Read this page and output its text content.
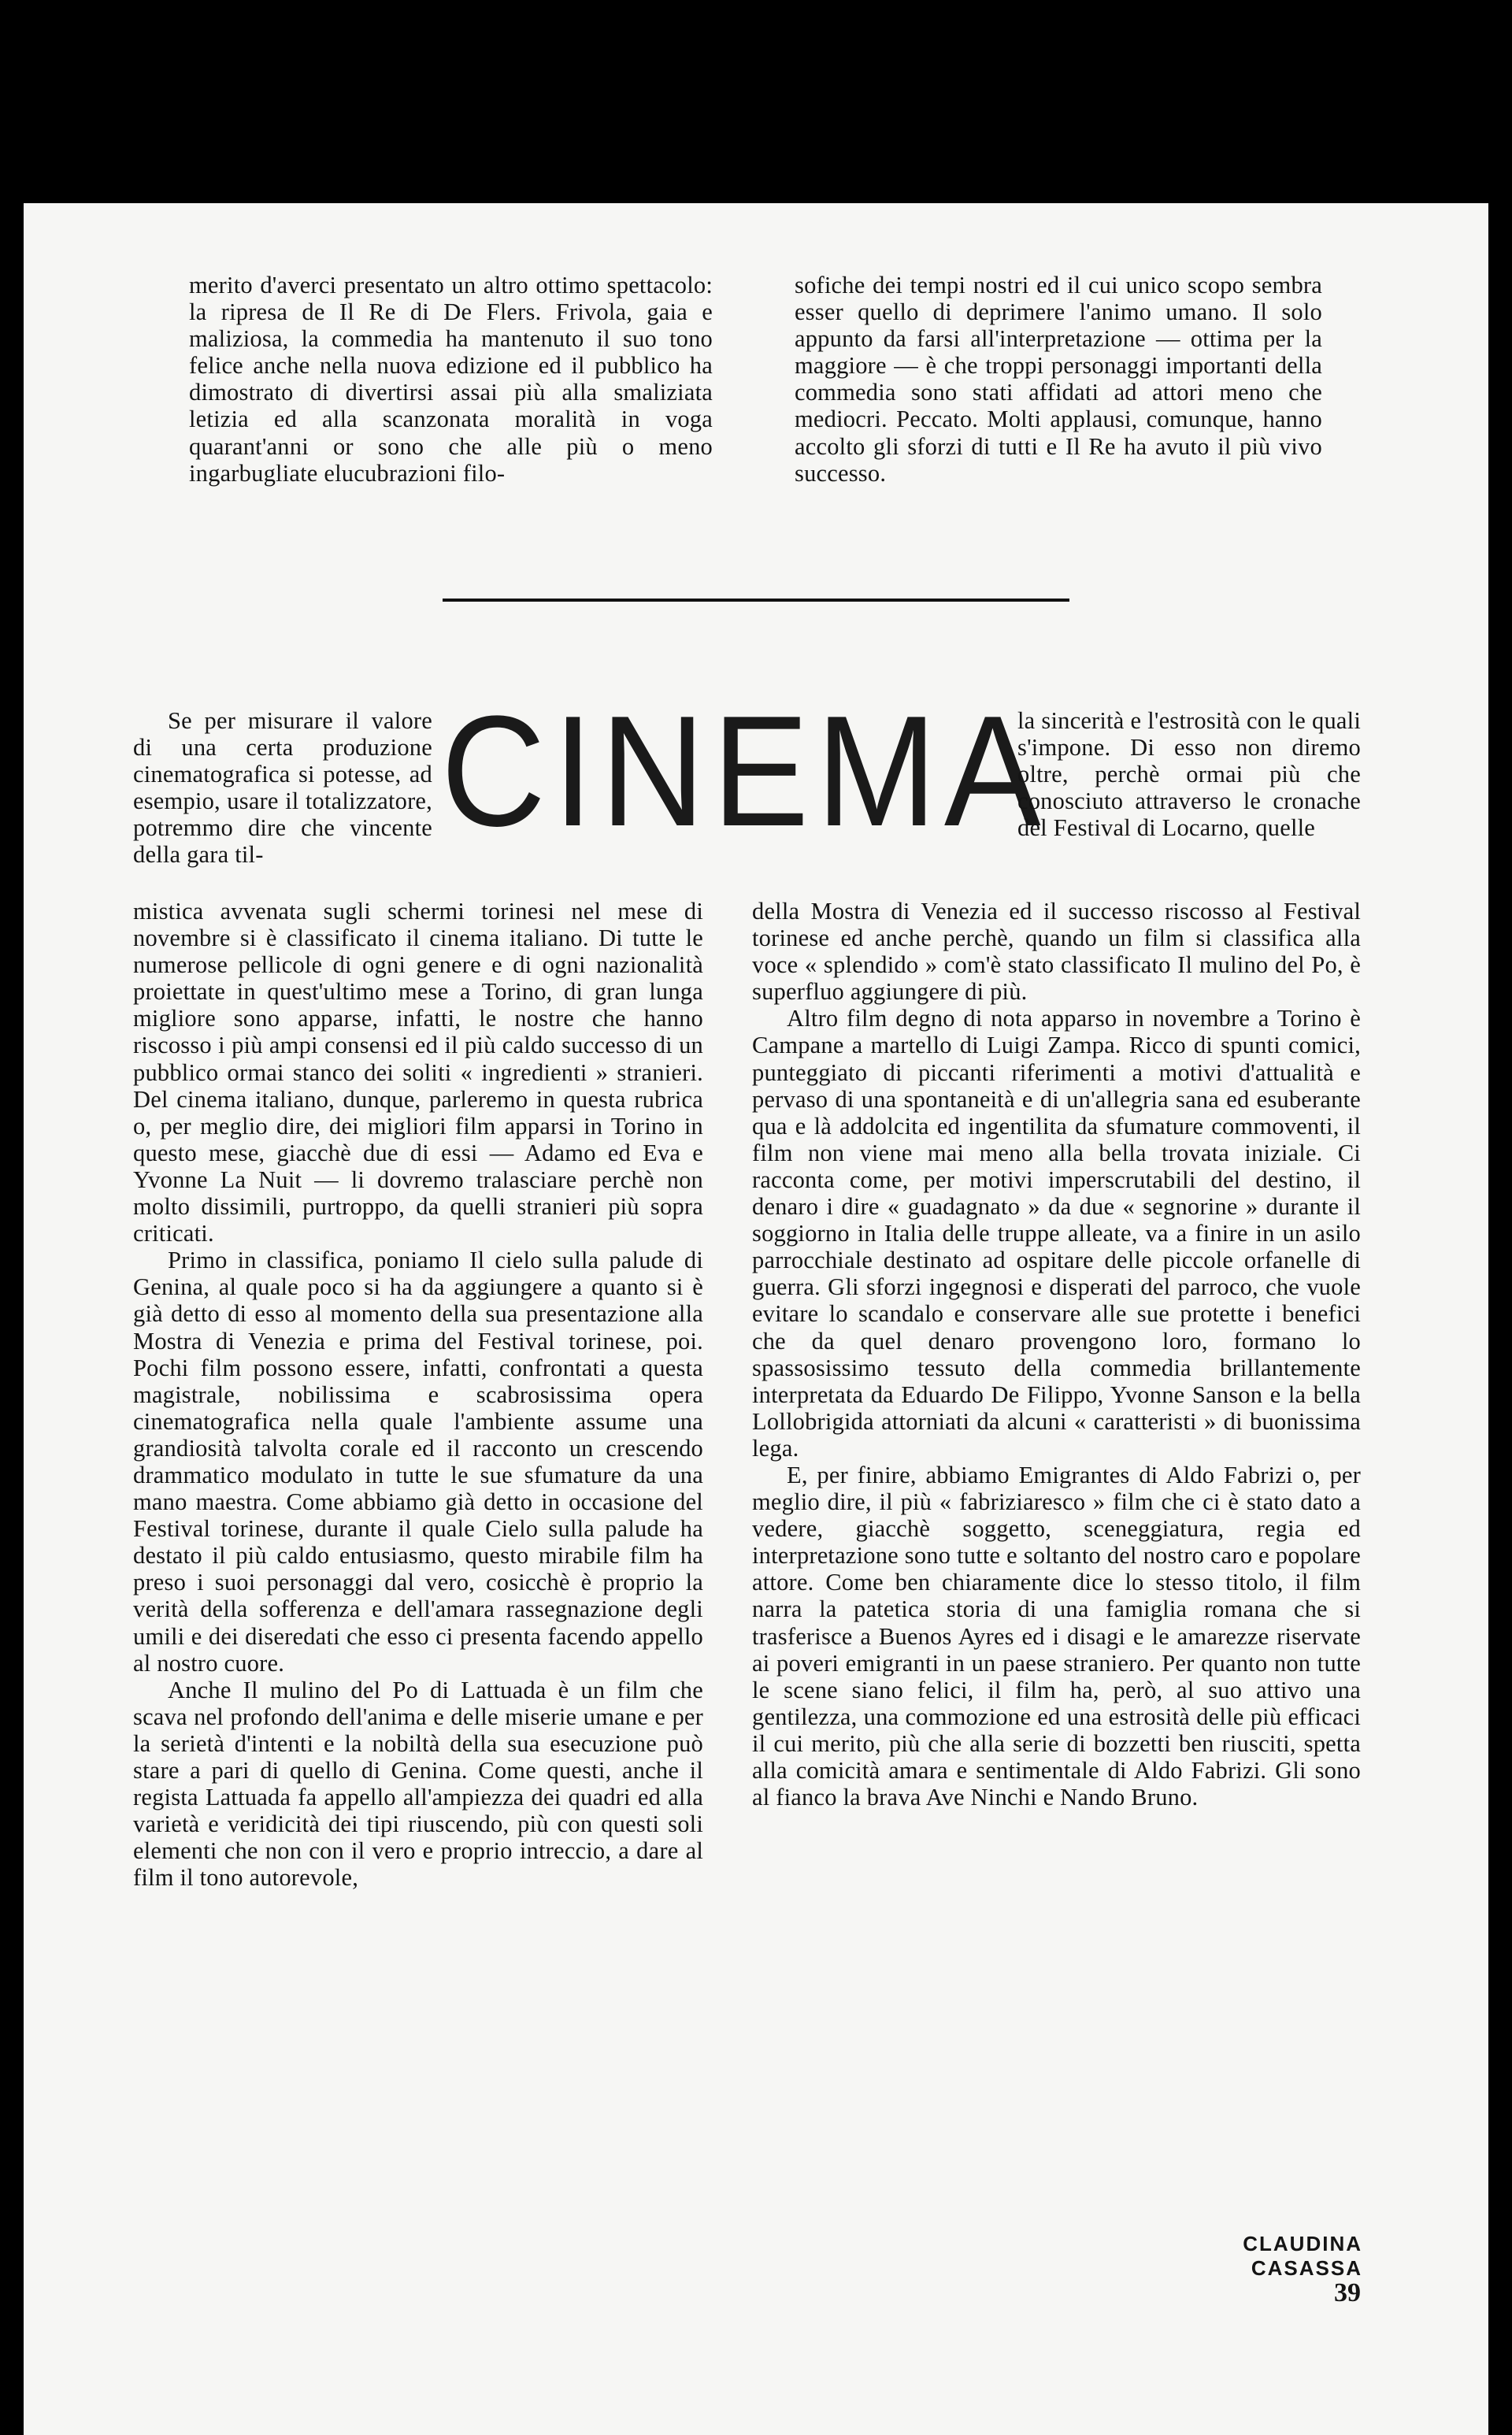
merito d'averci presentato un altro ottimo spettacolo: la ripresa de Il Re di De Flers. Frivola, gaia e maliziosa, la commedia ha mantenuto il suo tono felice anche nella nuova edizione ed il pubblico ha dimostrato di divertirsi assai più alla smaliziata letizia ed alla scanzonata moralità in voga quarant'anni or sono che alle più o meno ingarbugliate elucubrazioni filo-

sofiche dei tempi nostri ed il cui unico scopo sembra esser quello di deprimere l'animo umano. Il solo appunto da farsi all'interpretazione — ottima per la maggiore — è che troppi personaggi importanti della commedia sono stati affidati ad attori meno che mediocri. Peccato. Molti applausi, comunque, hanno accolto gli sforzi di tutti e Il Re ha avuto il più vivo successo.

CINEMA

Se per misurare il valore di una certa produzione cinematografica si potesse, ad esempio, usare il totalizzatore, potremmo dire che vincente della gara til-

la sincerità e l'estrosità con le quali s'impone. Di esso non diremo oltre, perchè ormai più che conosciuto attraverso le cronache del Festival di Locarno, quelle

mistica avvenata sugli schermi torinesi nel mese di novembre si è classificato il cinema italiano. Di tutte le numerose pellicole di ogni genere e di ogni nazionalità proiettate in quest'ultimo mese a Torino, di gran lunga migliore sono apparse, infatti, le nostre che hanno riscosso i più ampi consensi ed il più caldo successo di un pubblico ormai stanco dei soliti « ingredienti » stranieri. Del cinema italiano, dunque, parleremo in questa rubrica o, per meglio dire, dei migliori film apparsi in Torino in questo mese, giacchè due di essi — Adamo ed Eva e Yvonne La Nuit — li dovremo tralasciare perchè non molto dissimili, purtroppo, da quelli stranieri più sopra criticati.

Primo in classifica, poniamo Il cielo sulla palude di Genina, al quale poco si ha da aggiungere a quanto si è già detto di esso al momento della sua presentazione alla Mostra di Venezia e prima del Festival torinese, poi. Pochi film possono essere, infatti, confrontati a questa magistrale, nobilissima e scabrosissima opera cinematografica nella quale l'ambiente assume una grandiosità talvolta corale ed il racconto un crescendo drammatico modulato in tutte le sue sfumature da una mano maestra. Come abbiamo già detto in occasione del Festival torinese, durante il quale Cielo sulla palude ha destato il più caldo entusiasmo, questo mirabile film ha preso i suoi personaggi dal vero, cosicchè è proprio la verità della sofferenza e dell'amara rassegnazione degli umili e dei diseredati che esso ci presenta facendo appello al nostro cuore.

Anche Il mulino del Po di Lattuada è un film che scava nel profondo dell'anima e delle miserie umane e per la serietà d'intenti e la nobiltà della sua esecuzione può stare a pari di quello di Genina. Come questi, anche il regista Lattuada fa appello all'ampiezza dei quadri ed alla varietà e veridicità dei tipi riuscendo, più con questi soli elementi che non con il vero e proprio intreccio, a dare al film il tono autorevole,

della Mostra di Venezia ed il successo riscosso al Festival torinese ed anche perchè, quando un film si classifica alla voce « splendido » com'è stato classificato Il mulino del Po, è superfluo aggiungere di più.

Altro film degno di nota apparso in novembre a Torino è Campane a martello di Luigi Zampa. Ricco di spunti comici, punteggiato di piccanti riferimenti a motivi d'attualità e pervaso di una spontaneità e di un'allegria sana ed esuberante qua e là addolcita ed ingentilita da sfumature commoventi, il film non viene mai meno alla bella trovata iniziale. Ci racconta come, per motivi imperscrutabili del destino, il denaro i dire « guadagnato » da due « segnorine » durante il soggiorno in Italia delle truppe alleate, va a finire in un asilo parrocchiale destinato ad ospitare delle piccole orfanelle di guerra. Gli sforzi ingegnosi e disperati del parroco, che vuole evitare lo scandalo e conservare alle sue protette i benefici che da quel denaro provengono loro, formano lo spassosissimo tessuto della commedia brillantemente interpretata da Eduardo De Filippo, Yvonne Sanson e la bella Lollobrigida attorniati da alcuni « caratteristi » di buonissima lega.

E, per finire, abbiamo Emigrantes di Aldo Fabrizi o, per meglio dire, il più « fabriziaresco » film che ci è stato dato a vedere, giacchè soggetto, sceneggiatura, regia ed interpretazione sono tutte e soltanto del nostro caro e popolare attore. Come ben chiaramente dice lo stesso titolo, il film narra la patetica storia di una famiglia romana che si trasferisce a Buenos Ayres ed i disagi e le amarezze riservate ai poveri emigranti in un paese straniero. Per quanto non tutte le scene siano felici, il film ha, però, al suo attivo una gentilezza, una commozione ed una estrosità delle più efficaci il cui merito, più che alla serie di bozzetti ben riusciti, spetta alla comicità amara e sentimentale di Aldo Fabrizi. Gli sono al fianco la brava Ave Ninchi e Nando Bruno.

CLAUDINA CASASSA
39
